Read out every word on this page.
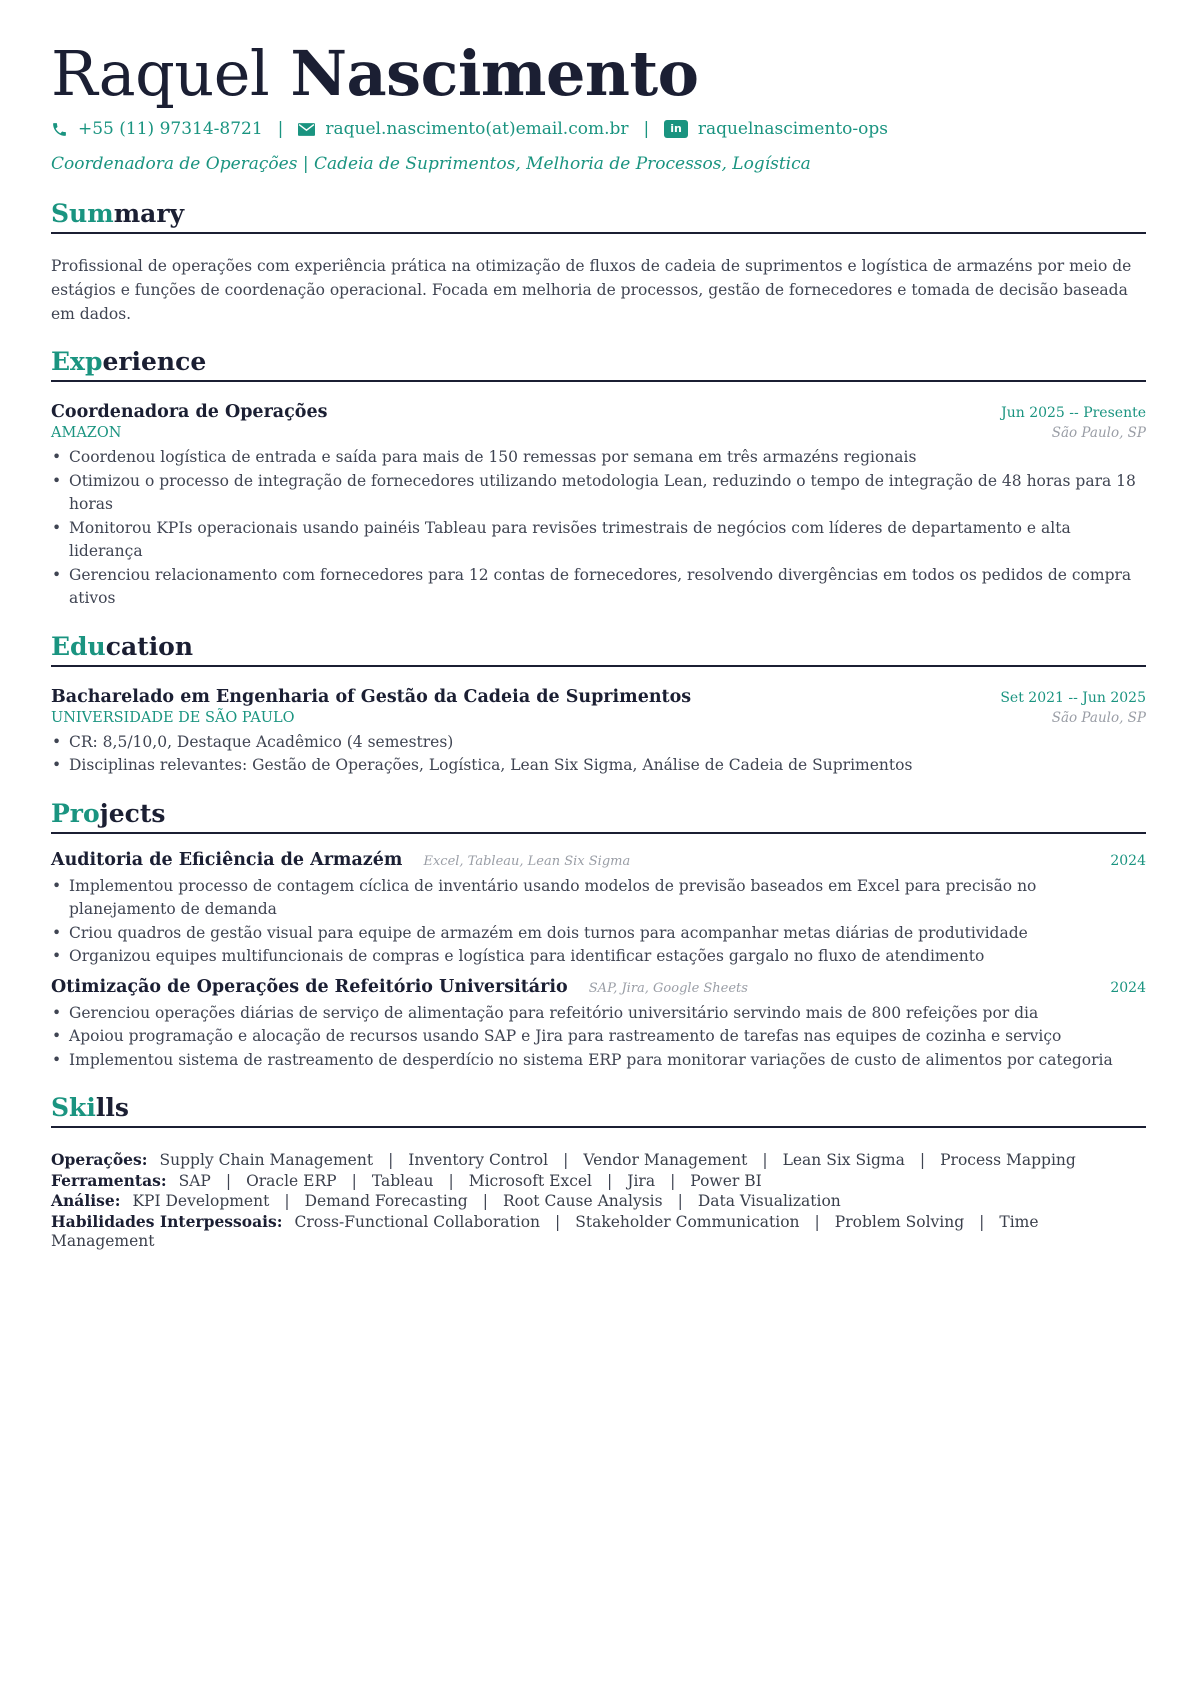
Raquel Nascimento
+55 (11) 97314-8721 | raquel.nascimento(at)email.com.br |	in raquelnascimento-ops
Coordenadora de Operações | Cadeia de Suprimentos, Melhoria de Processos, Logística
Summary
Profissional de operações com experiência prática na otimização de fluxos de cadeia de suprimentos e logística de armazéns por meio de estágios e funções de coordenação operacional. Focada em melhoria de processos, gestão de fornecedores e tomada de decisão baseada em dados.
Experience
Coordenadora de Operações	Jun 2025 -- Presente
AMAZON	São Paulo, SP
• Coordenou logística de entrada e saída para mais de 150 remessas por semana em três armazéns regionais
• Otimizou o processo de integração de fornecedores utilizando metodologia Lean, reduzindo o tempo de integração de 48 horas para 18 horas
• Monitorou KPIs operacionais usando painéis Tableau para revisões trimestrais de negócios com líderes de departamento e alta liderança
• Gerenciou relacionamento com fornecedores para 12 contas de fornecedores, resolvendo divergências em todos os pedidos de compra ativos
Education
Bacharelado em Engenharia of Gestão da Cadeia de Suprimentos	Set 2021 -- Jun 2025
UNIVERSIDADE DE SÃO PAULO	São Paulo, SP
• CR: 8,5/10,0, Destaque Acadêmico (4 semestres)
• Disciplinas relevantes: Gestão de Operações, Logística, Lean Six Sigma, Análise de Cadeia de Suprimentos
Projects
Auditoria de Eficiência de Armazém Excel, Tableau, Lean Six Sigma	2024
• Implementou processo de contagem cíclica de inventário usando modelos de previsão baseados em Excel para precisão no planejamento de demanda
• Criou quadros de gestão visual para equipe de armazém em dois turnos para acompanhar metas diárias de produtividade
• Organizou equipes multifuncionais de compras e logística para identificar estações gargalo no fluxo de atendimento
Otimização de Operações de Refeitório Universitário SAP, Jira, Google Sheets	2024
• Gerenciou operações diárias de serviço de alimentação para refeitório universitário servindo mais de 800 refeições por dia
• Apoiou programação e alocação de recursos usando SAP e Jira para rastreamento de tarefas nas equipes de cozinha e serviço
• Implementou sistema de rastreamento de desperdício no sistema ERP para monitorar variações de custo de alimentos por categoria
Skills
Operações: Supply Chain Management | Inventory Control | Vendor Management | Lean Six Sigma | Process Mapping
Ferramentas: SAP | Oracle ERP | Tableau | Microsoft Excel | Jira | Power BI
Análise: KPI Development | Demand Forecasting | Root Cause Analysis | Data Visualization
Habilidades Interpessoais: Cross-Functional Collaboration | Stakeholder Communication | Problem Solving | Time Management
